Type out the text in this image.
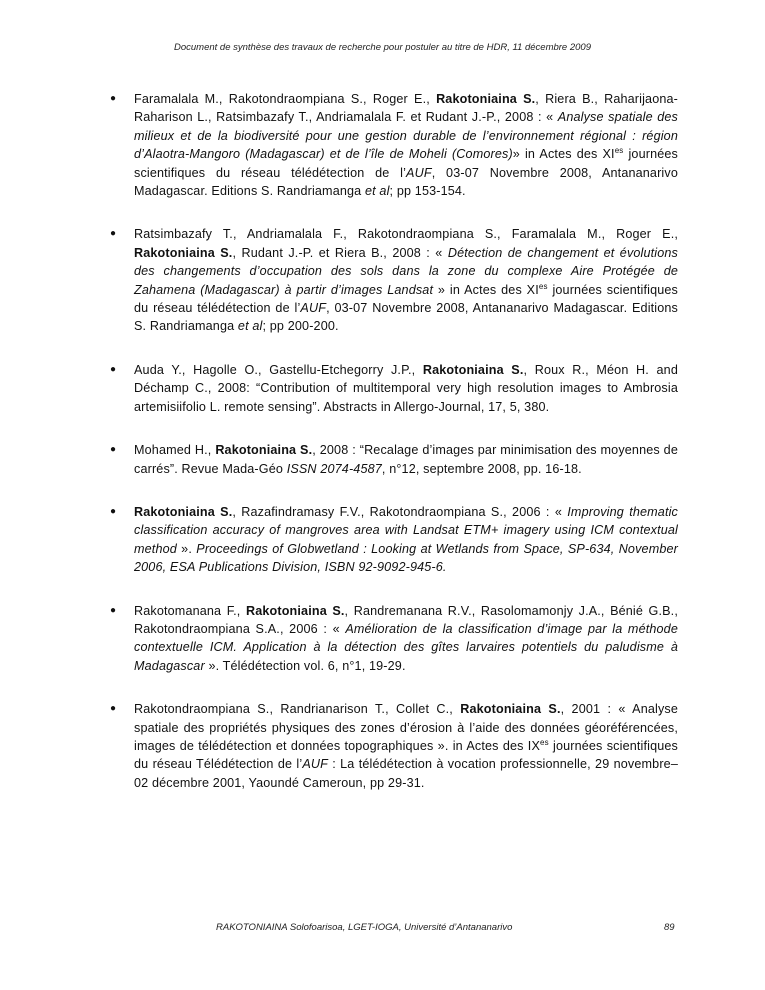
Document de synthèse des travaux de recherche pour postuler au titre de HDR, 11 décembre 2009
● Faramalala M., Rakotondraompiana S., Roger E., Rakotoniaina S., Riera B., Raharijaona-Raharison L., Ratsimbazafy T., Andriamalala F. et Rudant J.-P., 2008 : « Analyse spatiale des milieux et de la biodiversité pour une gestion durable de l’environnement régional : région d’Alaotra-Mangoro (Madagascar) et de l’île de Moheli (Comores)» in Actes des $XI^{es}$ journées scientifiques du réseau télédétection de l’AUF, 03-07 Novembre 2008, Antananarivo Madagascar. Editions S. Randriamanga et al; pp 153-154.
● Ratsimbazafy T., Andriamalala F., Rakotondraompiana S., Faramalala M., Roger E., Rakotoniaina S., Rudant J.-P. et Riera B., 2008 : « Détection de changement et évolutions des changements d’occupation des sols dans la zone du complexe Aire Protégée de Zahamena (Madagascar) à partir d’images Landsat » in Actes des $XI^{es}$ journées scientifiques du réseau télédétection de l’AUF, 03-07 Novembre 2008, Antananarivo Madagascar. Editions S. Randriamanga et al; pp 200-200.
● Auda Y., Hagolle O., Gastellu-Etchegorry J.P., Rakotoniaina S., Roux R., Méon H. and Déchamp C., 2008: “Contribution of multitemporal very high resolution images to Ambrosia artemisiifolio L. remote sensing”. Abstracts in Allergo-Journal, 17, 5, 380.
● Mohamed H., Rakotoniaina S., 2008 : “Recalage d’images par minimisation des moyennes de carrés”. Revue Mada-Géo ISSN 2074-4587, n°12, septembre 2008, pp. 16-18.
● Rakotoniaina S., Razafindramasy F.V., Rakotondraompiana S., 2006 : « Improving thematic classification accuracy of mangroves area with Landsat ETM+ imagery using ICM contextual method ». Proceedings of Globwetland : Looking at Wetlands from Space, SP-634, November 2006, ESA Publications Division, ISBN 92-9092-945-6.
● Rakotomanana F., Rakotoniaina S., Randremanana R.V., Rasolomamonjy J.A., Bénié G.B., Rakotondraompiana S.A., 2006 : « Amélioration de la classification d’image par la méthode contextuelle ICM. Application à la détection des gîtes larvaires potentiels du paludisme à Madagascar ». Télédétection vol. 6, n°1, 19-29.
● Rakotondraompiana S., Randrianarison T., Collet C., Rakotoniaina S., 2001 : « Analyse spatiale des propriétés physiques des zones d’érosion à l’aide des données géoréférencées, images de télédétection et données topographiques ». in Actes des $IX^{es}$ journées scientifiques du réseau Télédétection de l’AUF : La télédétection à vocation professionnelle, 29 novembre–02 décembre 2001, Yaoundé Cameroun, pp 29-31.
RAKOTONIAINA Solofoarisoa, LGET-IOGA, Université d’Antananarivo	89
